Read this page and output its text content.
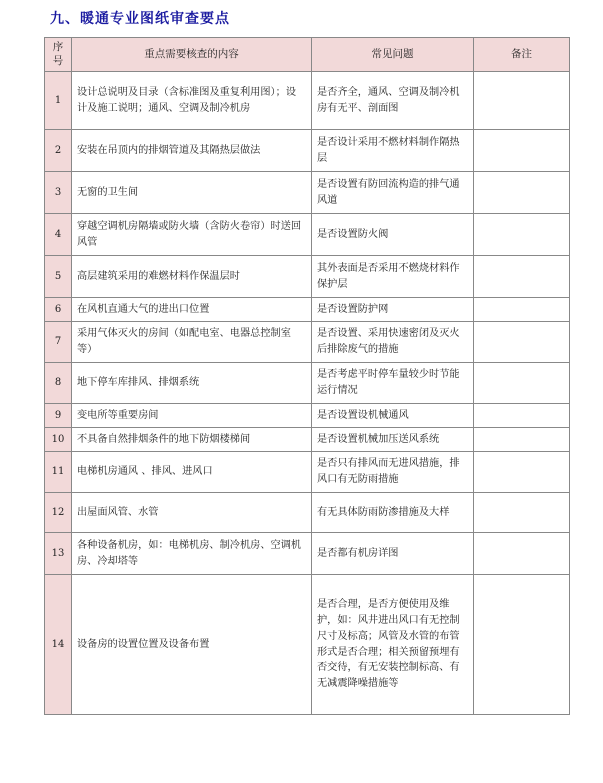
九、暖通专业图纸审查要点
序号	重点需要核查的内容	常见问题	备注
1	设计总说明及目录（含标准图及重复利用图）；设计及施工说明；通风、空调及制冷机房	是否齐全，通风、空调及制冷机房有无平、剖面图	
2	安装在吊顶内的排烟管道及其隔热层做法	是否设计采用不燃材料制作隔热层	
3	无窗的卫生间	是否设置有防回流构造的排气通风道	
4	穿越空调机房隔墙或防火墙（含防火卷帘）时送回风管	是否设置防火阀	
5	高层建筑采用的难燃材料作保温层时	其外表面是否采用不燃烧材料作保护层	
6	在风机直通大气的进出口位置	是否设置防护网	
7	采用气体灭火的房间（如配电室、电器总控制室等）	是否设置、采用快速密闭及灭火后排除废气的措施	
8	地下停车库排风、排烟系统	是否考虑平时停车量较少时节能运行情况	
9	变电所等重要房间	是否设置设机械通风	
10	不具备自然排烟条件的地下防烟楼梯间	是否设置机械加压送风系统	
11	电梯机房通风 、排风、进风口	是否只有排风而无进风措施，排风口有无防雨措施	
12	出屋面风管、水管	有无具体防雨防渗措施及大样	
13	各种设备机房，如：电梯机房、制冷机房、空调机房、冷却塔等	是否都有机房详图	
14	设备房的设置位置及设备布置	是否合理，是否方便使用及维护，如：风井进出风口有无控制尺寸及标高；风管及水管的布管形式是否合理；相关预留预埋有否交待，有无安装控制标高、有无减震降噪措施等	
